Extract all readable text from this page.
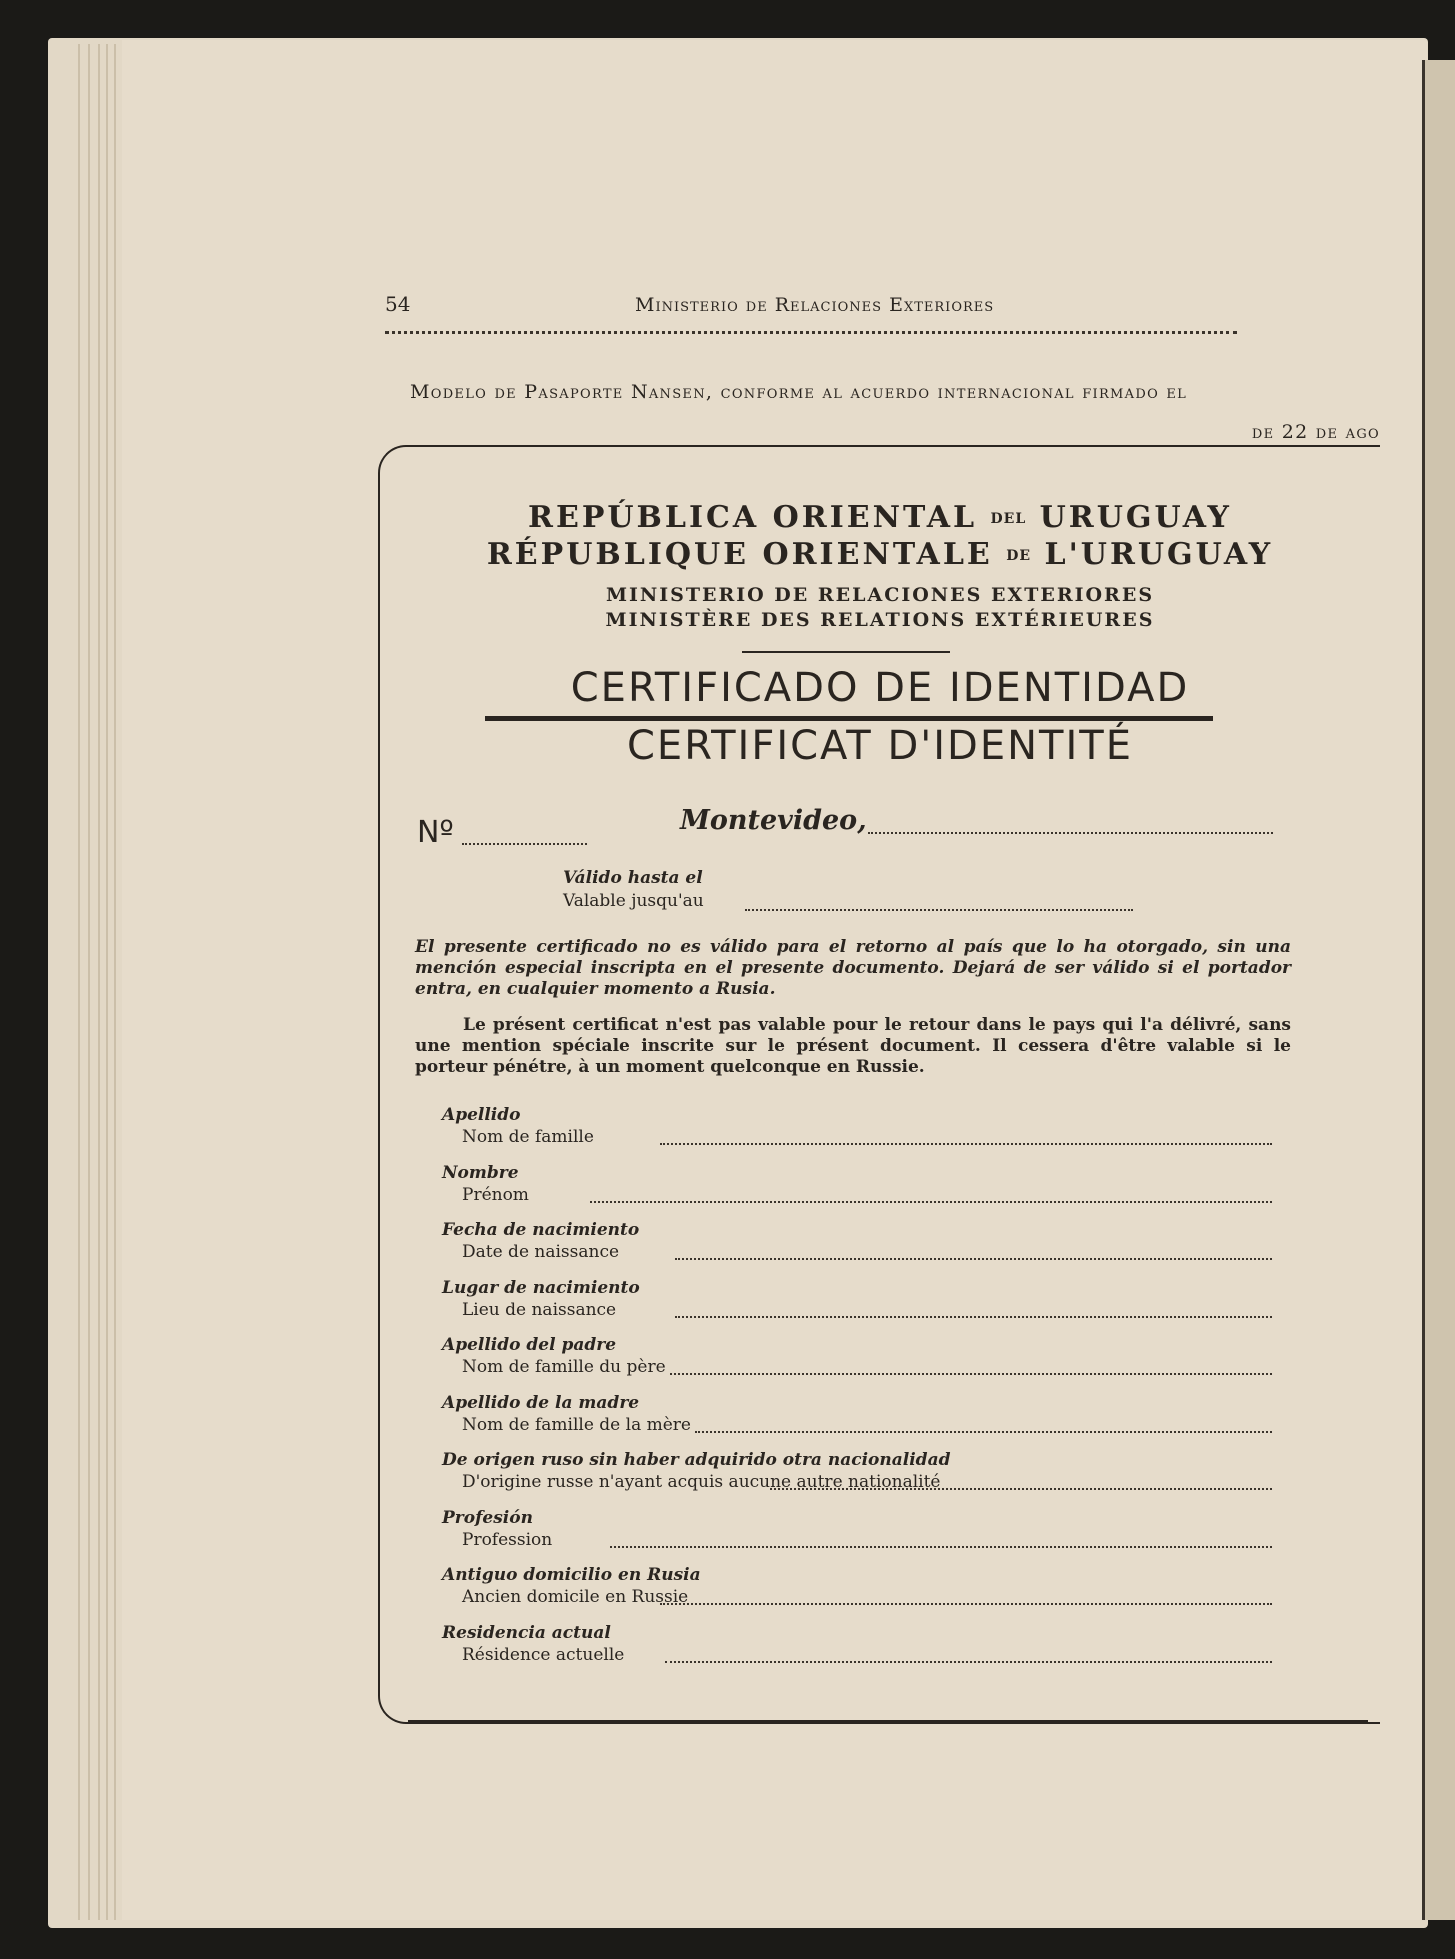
54	Ministerio de Relaciones Exteriores
Modelo de Pasaporte Nansen, conforme al acuerdo internacional firmado el
de 22 de ago
REPÚBLICA ORIENTAL DEL URUGUAY
RÉPUBLIQUE ORIENTALE DE L'URUGUAY
MINISTERIO DE RELACIONES EXTERIORES
MINISTÈRE DES RELATIONS EXTÉRIEURES
CERTIFICADO DE IDENTIDAD
CERTIFICAT D'IDENTITÉ
Nº	Montevideo,
Válido hasta el
Valable jusqu'au
El presente certificado no es válido para el retorno al país que lo ha otorgado, sin una mención especial inscripta en el presente documento. Dejará de ser válido si el portador entra, en cualquier momento a Rusia.
Le présent certificat n'est pas valable pour le retour dans le pays qui l'a délivré, sans une mention spéciale inscrite sur le présent document. Il cessera d'être valable si le porteur pénétre, à un moment quelconque en Russie.
Apellido
Nom de famille
Nombre
Prénom
Fecha de nacimiento
Date de naissance
Lugar de nacimiento
Lieu de naissance
Apellido del padre
Nom de famille du père
Apellido de la madre
Nom de famille de la mère
De origen ruso sin haber adquirido otra nacionalidad
D'origine russe n'ayant acquis aucune autre nationalité
Profesión
Profession
Antiguo domicilio en Rusia
Ancien domicile en Russie
Residencia actual
Résidence actuelle
